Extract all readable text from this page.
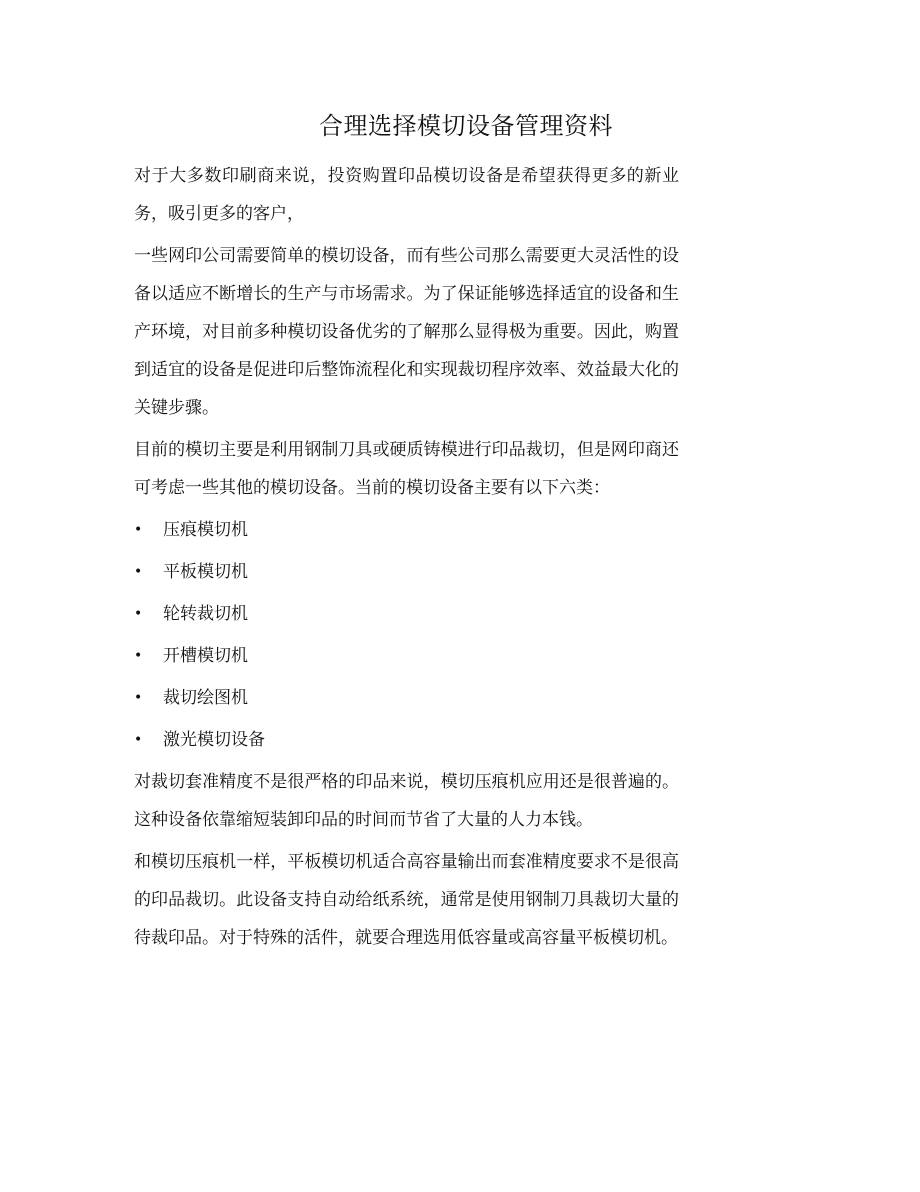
合理选择模切设备管理资料

对于大多数印刷商来说，投资购置印品模切设备是希望获得更多的新业务，吸引更多的客户，

一些网印公司需要简单的模切设备，而有些公司那么需要更大灵活性的设备以适应不断增长的生产与市场需求。为了保证能够选择适宜的设备和生产环境，对目前多种模切设备优劣的了解那么显得极为重要。因此，购置到适宜的设备是促进印后整饰流程化和实现裁切程序效率、效益最大化的关键步骤。

目前的模切主要是利用钢制刀具或硬质铸模进行印品裁切，但是网印商还可考虑一些其他的模切设备。当前的模切设备主要有以下六类：

• 压痕模切机
• 平板模切机
• 轮转裁切机
• 开槽模切机
• 裁切绘图机
• 激光模切设备

对裁切套准精度不是很严格的印品来说，模切压痕机应用还是很普遍的。这种设备依靠缩短装卸印品的时间而节省了大量的人力本钱。

和模切压痕机一样，平板模切机适合高容量输出而套准精度要求不是很高的印品裁切。此设备支持自动给纸系统，通常是使用钢制刀具裁切大量的待裁印品。对于特殊的活件，就要合理选用低容量或高容量平板模切机。
